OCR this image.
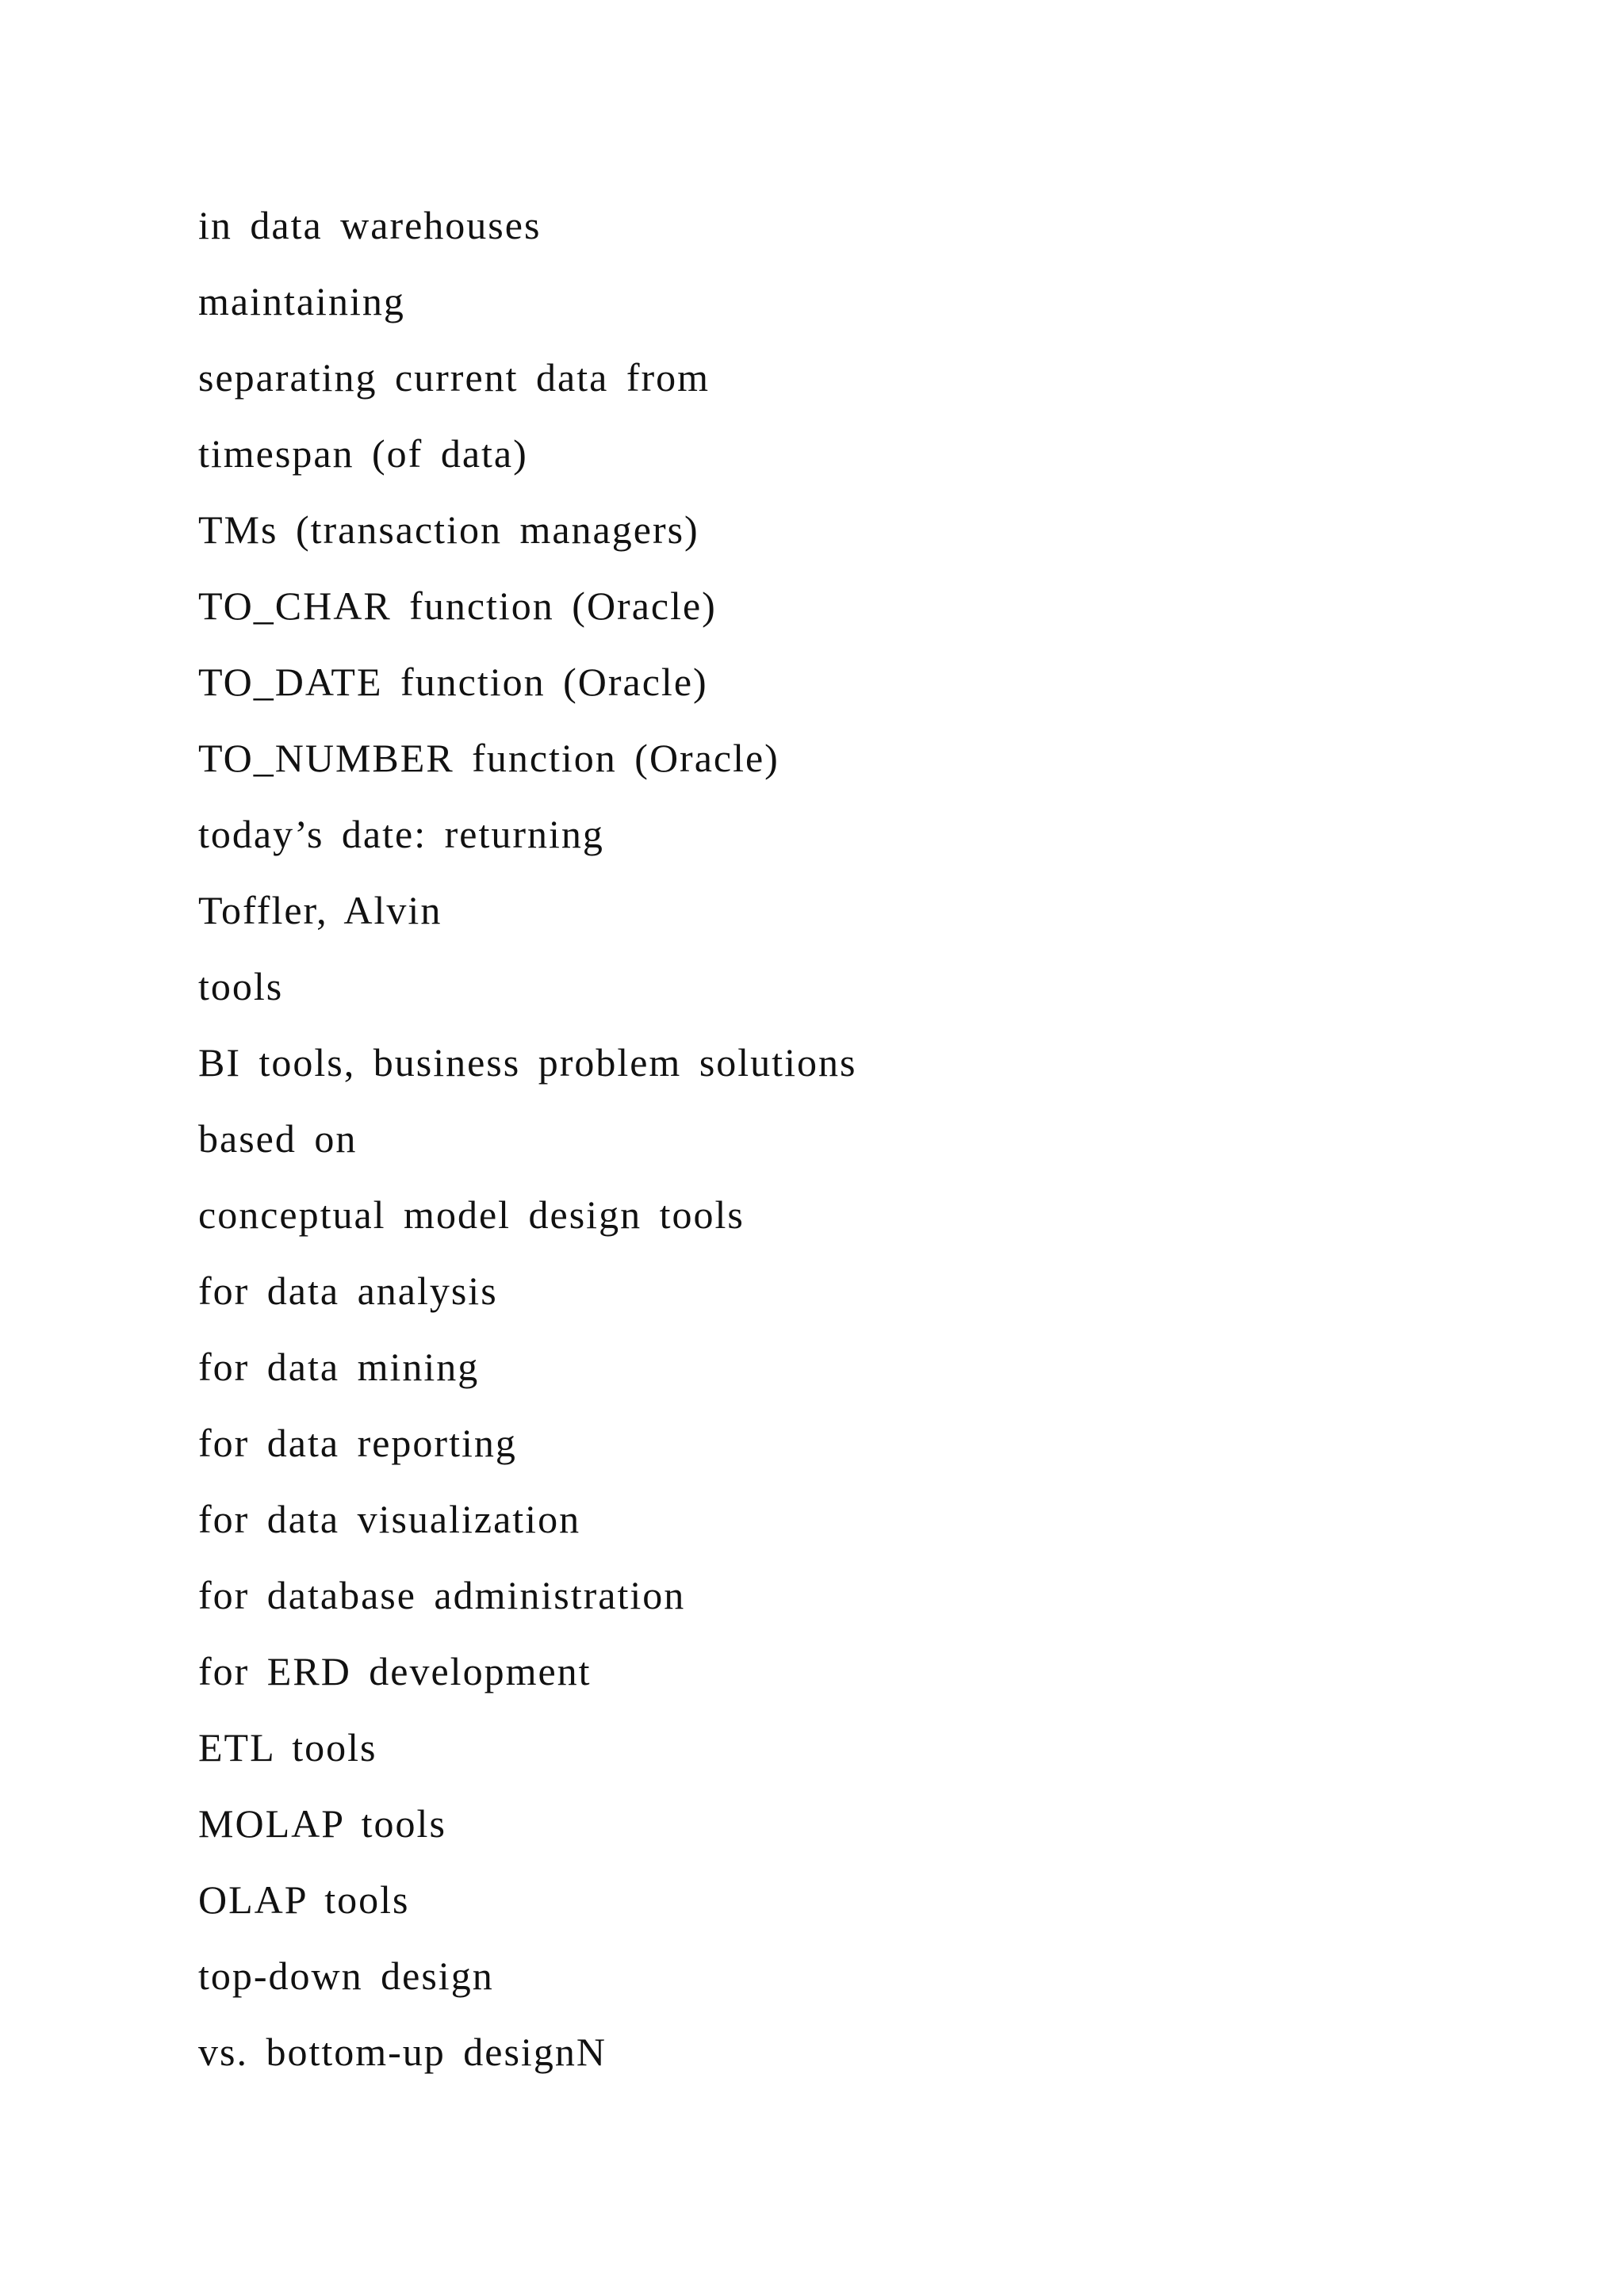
in data warehouses
maintaining
separating current data from
timespan (of data)
TMs (transaction managers)
TO_CHAR function (Oracle)
TO_DATE function (Oracle)
TO_NUMBER function (Oracle)
today’s date: returning
Toffler, Alvin
tools
BI tools, business problem solutions
based on
conceptual model design tools
for data analysis
for data mining
for data reporting
for data visualization
for database administration
for ERD development
ETL tools
MOLAP tools
OLAP tools
top-down design
vs. bottom-up designN
